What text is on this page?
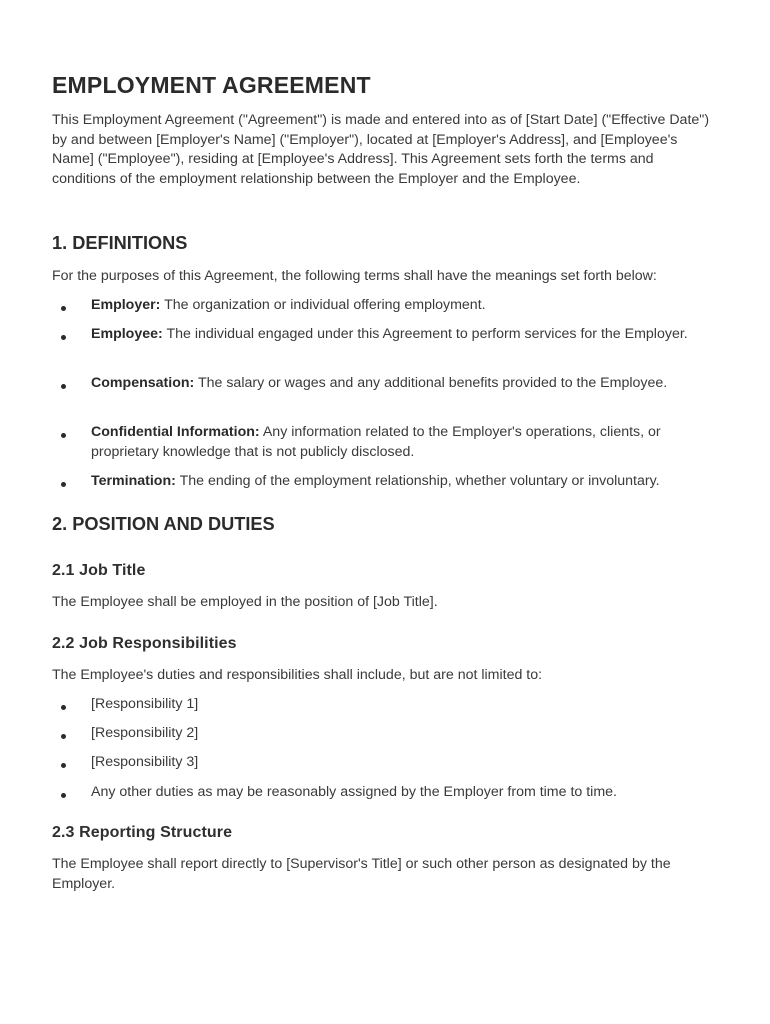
EMPLOYMENT AGREEMENT

This Employment Agreement ("Agreement") is made and entered into as of [Start Date] ("Effective Date") by and between [Employer's Name] ("Employer"), located at [Employer's Address], and [Employee's Name] ("Employee"), residing at [Employee's Address]. This Agreement sets forth the terms and conditions of the employment relationship between the Employer and the Employee.

1. DEFINITIONS

For the purposes of this Agreement, the following terms shall have the meanings set forth below:

Employer: The organization or individual offering employment.

Employee: The individual engaged under this Agreement to perform services for the Employer.

Compensation: The salary or wages and any additional benefits provided to the Employee.

Confidential Information: Any information related to the Employer's operations, clients, or proprietary knowledge that is not publicly disclosed.

Termination: The ending of the employment relationship, whether voluntary or involuntary.

2. POSITION AND DUTIES
2.1 Job Title

The Employee shall be employed in the position of [Job Title].

2.2 Job Responsibilities

The Employee's duties and responsibilities shall include, but are not limited to:

[Responsibility 1]

[Responsibility 2]

[Responsibility 3]

Any other duties as may be reasonably assigned by the Employer from time to time.

2.3 Reporting Structure

The Employee shall report directly to [Supervisor's Title] or such other person as designated by the Employer.
